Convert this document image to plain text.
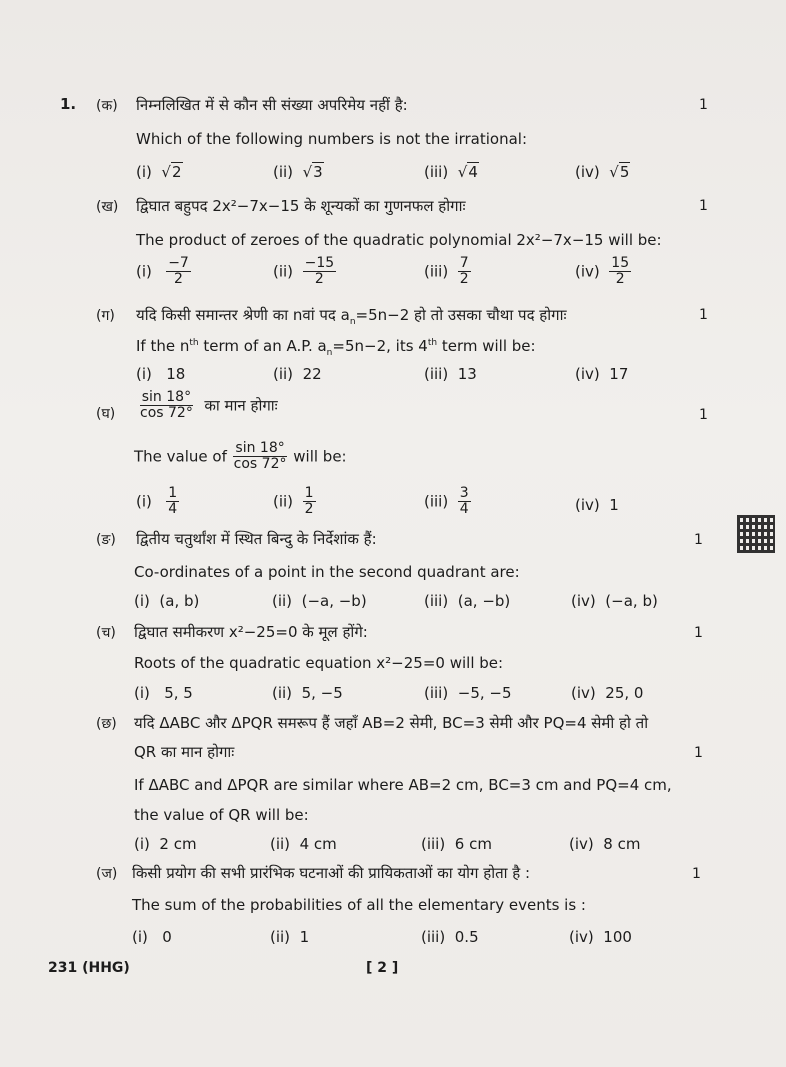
1. (क) निम्नलिखित में से कौन सी संख्या अपरिमेय नहीं है:	1
Which of the following numbers is not the irrational:
(i)  √2	(ii)  √3	(iii)  √4	(iv)  √5
(ख) द्विघात बहुपद 2x²−7x−15 के शून्यकों का गुणनफल होगाः	1
The product of zeroes of the quadratic polynomial 2x²−7x−15 will be:
$(i) \frac{-7}{2}$	$(ii) \frac{-15}{2}$	$(iii) \frac{7}{2}$	$(iv) \frac{15}{2}$
(ग) यदि किसी समान्तर श्रेणी का nवां पद $a_n=5n-2$ हो तो उसका चौथा पद होगाः	1
If the $n^{th}$ term of an A.P. $a_n=5n-2$, its 4th term will be:
(i) 18	(ii) 22	(iii) 13	(iv) 17
(घ) $\frac{\sin 18^\circ}{\cos 72^\circ}$ का मान होगाः
1
The value of $\frac{\sin 18^\circ}{\cos 72^\circ}$ will be:
$(i) \frac{1}{4}$	$(ii) \frac{1}{2}$	$(iii) \frac{3}{4}$	(iv) 1
(ङ) द्वितीय चतुर्थांश में स्थित बिन्दु के निर्देशांक हैं:	1
Co-ordinates of a point in the second quadrant are:
(i) (a, b)	(ii) (−a, −b)	(iii) (a, −b)	(iv) (−a, b)
(च) द्विघात समीकरण x²−25=0 के मूल होंगे:	1
Roots of the quadratic equation x²−25=0 will be:
(i) 5, 5	(ii) 5, −5	(iii) −5, −5	(iv) 25, 0
(छ) यदि ΔABC और ΔPQR समरूप हैं जहाँ AB=2 सेमी, BC=3 सेमी और PQ=4 सेमी हो तो
QR का मान होगाः	1
If ΔABC and ΔPQR are similar where AB=2 cm, BC=3 cm and PQ=4 cm,
the value of QR will be:
(i) 2 cm	(ii) 4 cm	(iii) 6 cm	(iv) 8 cm
(ज) किसी प्रयोग की सभी प्रारंभिक घटनाओं की प्रायिकताओं का योग होता है :	1
The sum of the probabilities of all the elementary events is :
(i) 0	(ii) 1	(iii) 0.5	(iv) 100
231 (HHG)	[ 2 ]
